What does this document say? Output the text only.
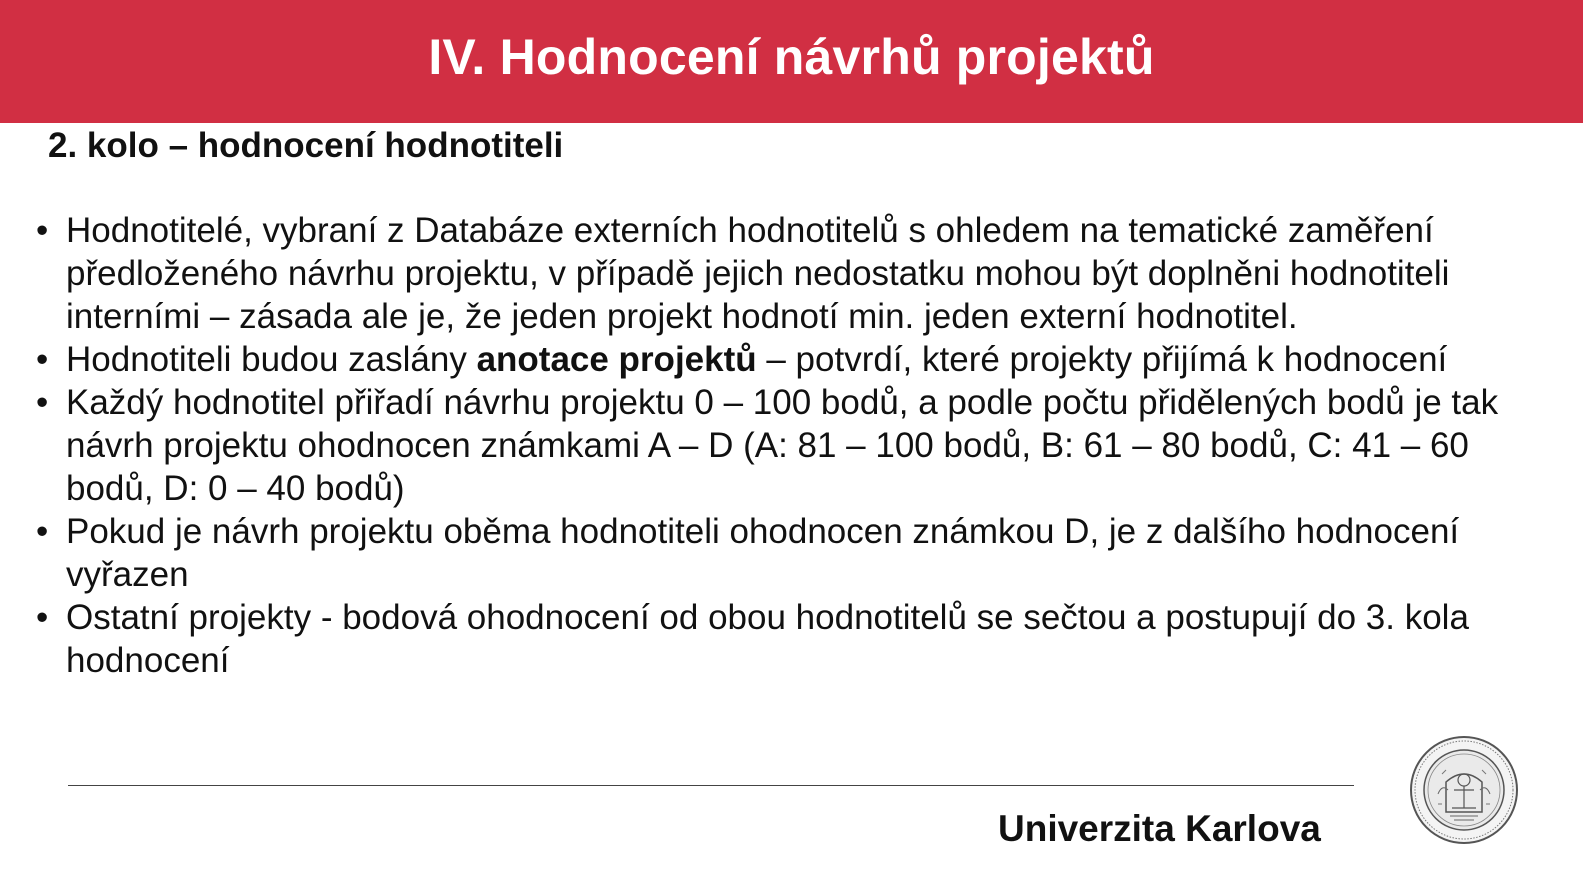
IV. Hodnocení návrhů projektů

2. kolo – hodnocení hodnotiteli

• Hodnotitelé, vybraní z Databáze externích hodnotitelů s ohledem na tematické zaměření předloženého návrhu projektu, v případě jejich nedostatku mohou být doplněni hodnotiteli interními – zásada ale je, že jeden projekt hodnotí min. jeden externí hodnotitel.
• Hodnotiteli budou zaslány anotace projektů – potvrdí, které projekty přijímá k hodnocení
• Každý hodnotitel přiřadí návrhu projektu 0 – 100 bodů, a podle počtu přidělených bodů je tak návrh projektu ohodnocen známkami A – D (A: 81 – 100 bodů, B: 61 – 80 bodů, C: 41 – 60 bodů, D: 0 – 40 bodů)
• Pokud je návrh projektu oběma hodnotiteli ohodnocen známkou D, je z dalšího hodnocení vyřazen
• Ostatní projekty - bodová ohodnocení od obou hodnotitelů se sečtou a postupují do 3. kola hodnocení
Univerzita Karlova
